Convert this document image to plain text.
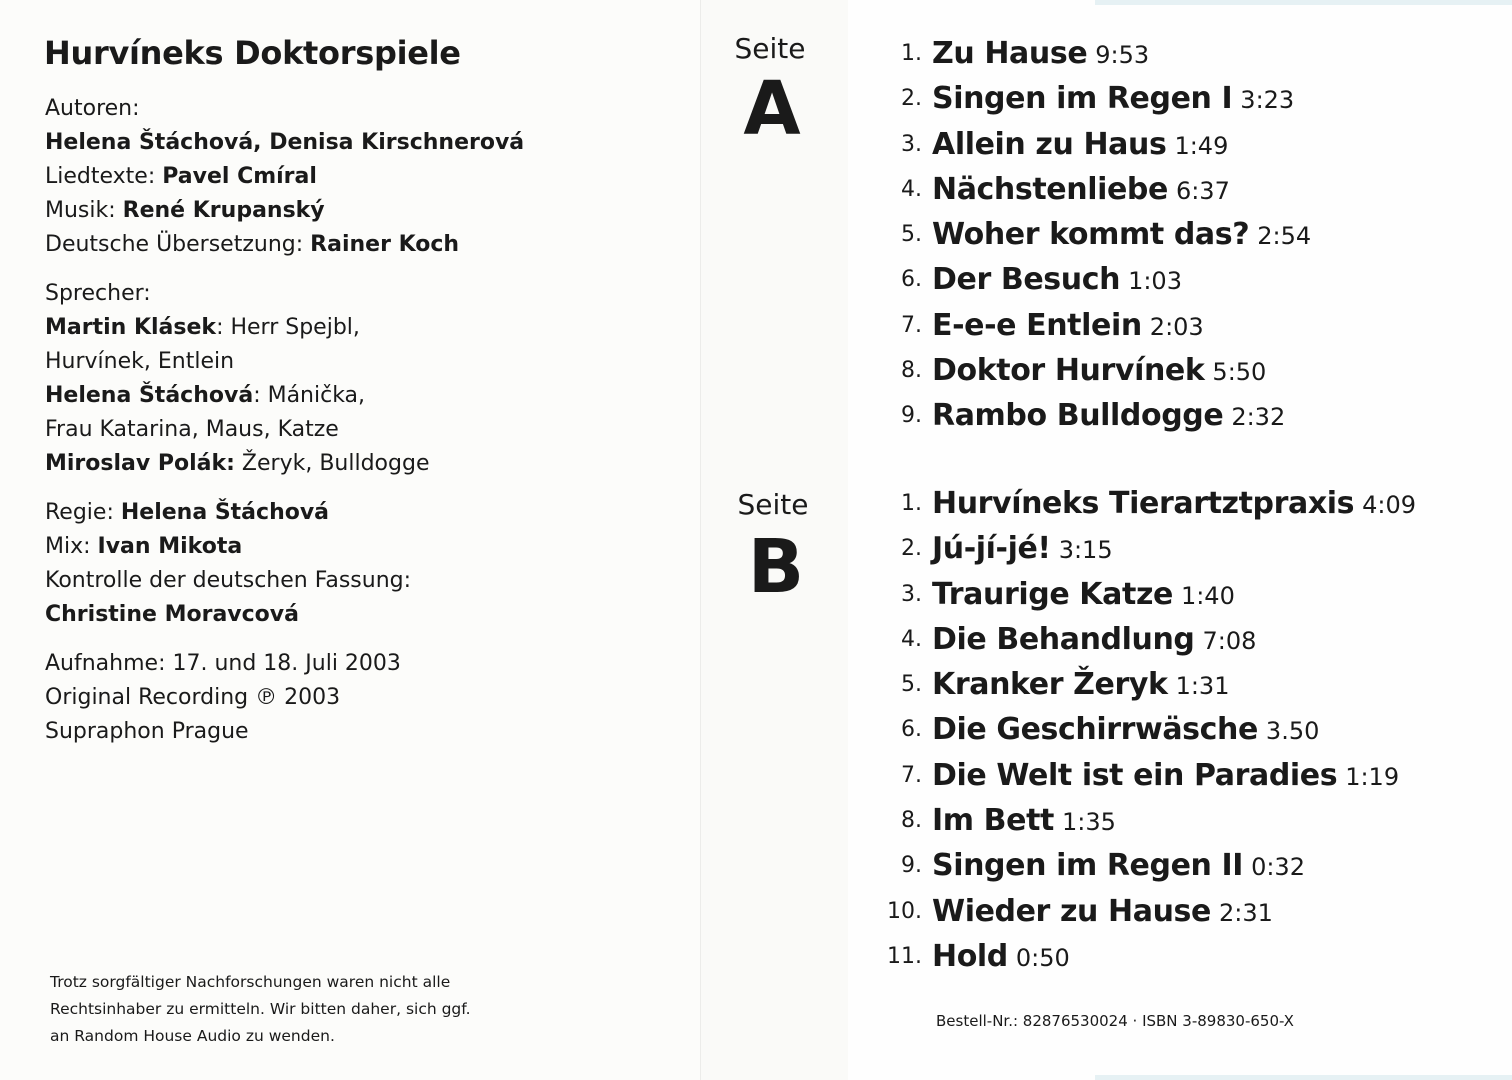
Hurvíneks Doktorspiele
Autoren:
Helena Štáchová, Denisa Kirschnerová
Liedtexte: Pavel Cmíral
Musik: René Krupanský
Deutsche Übersetzung: Rainer Koch
Sprecher:
Martin Klásek: Herr Spejbl,
Hurvínek, Entlein
Helena Štáchová: Mánička,
Frau Katarina, Maus, Katze
Miroslav Polák: Žeryk, Bulldogge
Regie: Helena Štáchová
Mix: Ivan Mikota
Kontrolle der deutschen Fassung:
Christine Moravcová
Aufnahme: 17. und 18. Juli 2003
Original Recording ℗ 2003
Supraphon Prague
Trotz sorgfältiger Nachforschungen waren nicht alle
Rechtsinhaber zu ermitteln. Wir bitten daher, sich ggf.
an Random House Audio zu wenden.
Seite
A
Seite
B
1. Zu Hause 9:53
2. Singen im Regen I 3:23
3. Allein zu Haus 1:49
4. Nächstenliebe 6:37
5. Woher kommt das? 2:54
6. Der Besuch 1:03
7. E-e-e Entlein 2:03
8. Doktor Hurvínek 5:50
9. Rambo Bulldogge 2:32
1. Hurvíneks Tierartztpraxis 4:09
2. Jú-jí-jé! 3:15
3. Traurige Katze 1:40
4. Die Behandlung 7:08
5. Kranker Žeryk 1:31
6. Die Geschirrwäsche 3.50
7. Die Welt ist ein Paradies 1:19
8. Im Bett 1:35
9. Singen im Regen II 0:32
10. Wieder zu Hause 2:31
11. Hold 0:50
Bestell-Nr.: 82876530024 · ISBN 3-89830-650-X
